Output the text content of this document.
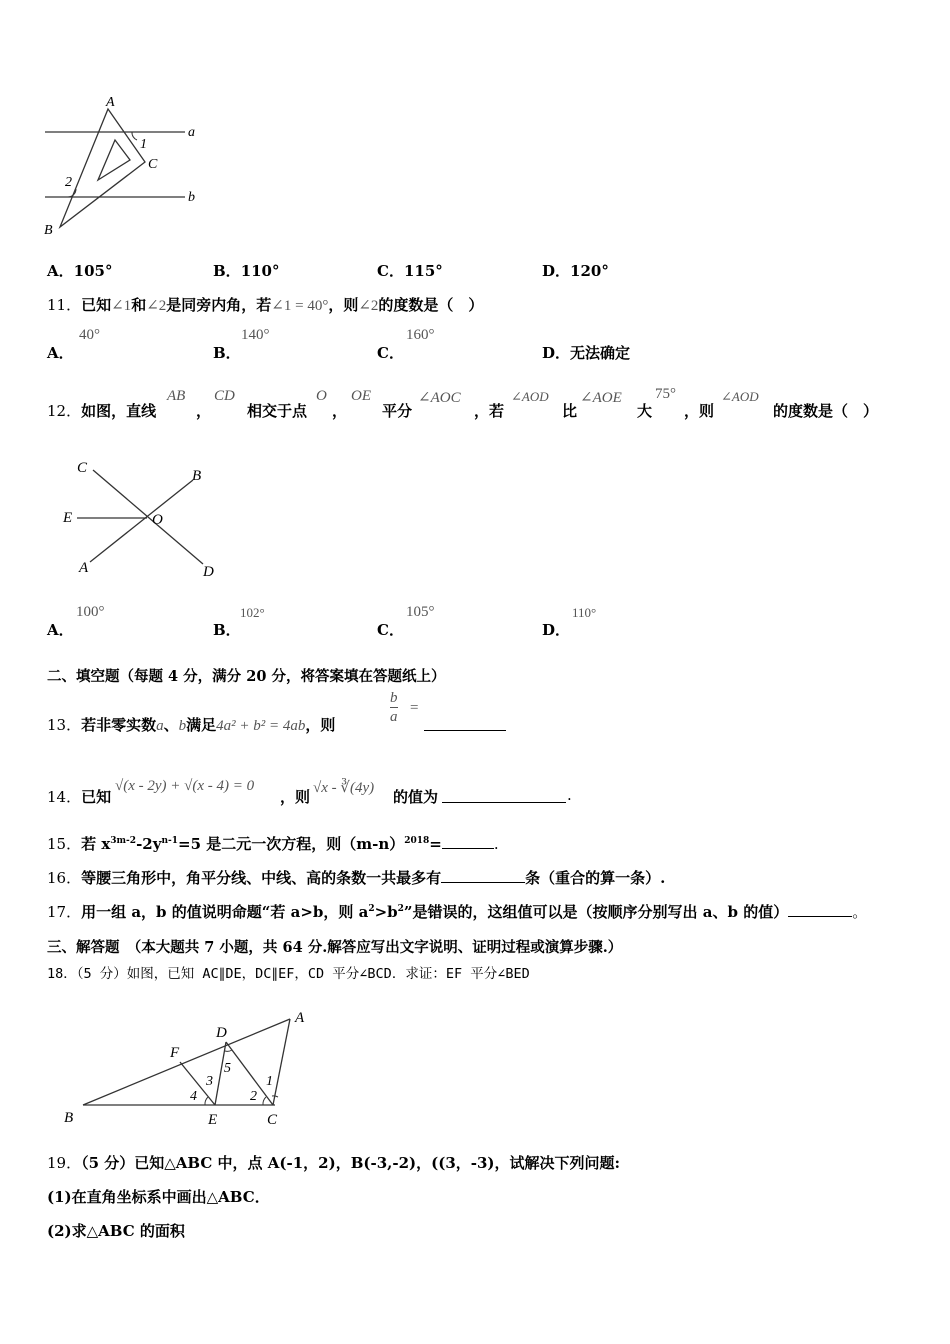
A
a
1
C
2
b
B
A．105°	B．110°	C．115°	D．120°
11．已知∠1和∠2是同旁内角，若∠1 = 40°，则∠2的度数是（　）
A．
40°
B．
140°
C．
160°
D．无法确定
12．如图，直线
AB
，
CD
相交于点
O
，
OE
平分
∠AOC
，若
∠AOD
比
∠AOE
大
75°
，则
∠AOD
的度数是（　）
C	B
E	O
A	D
A．
100°
B．
102°
C．
105°
D．
110°
二、填空题（每题 4 分，满分 20 分，将答案填在答题纸上）
13．若非零实数a、b满足4a² + b² = 4ab，则	$\frac{b}{a}$ =
14．已知
√(x - 2y) + √(x - 4) = 0
，则 √x - ∛(4y) 的值为	.
15．若 $x^{3m-2}-2y^{n-1}=5$ 是二元一次方程，则$(m-n)^{2018}=$	.
16．等腰三角形中，角平分线、中线、高的条数一共最多有	条（重合的算一条）.
17．用一组 a，b 的值说明命题“若 a>b，则 $a^2>b^2$”是错误的，这组值可以是（按顺序分别写出 a、b 的值）	。
三、解答题　（本大题共 7 小题，共 64 分.解答应写出文字说明、证明过程或演算步骤.）
18．（5 分）如图，已知 AC∥DE，DC∥EF，CD 平分∠BCD．求证：EF 平分∠BED
A
D
F
5
3	1
4	2
B	E	C
19．（5 分）已知△ABC 中，点 A(-1，2)，B(-3,-2)，((3，-3)，试解决下列问题:
(1)在直角坐标系中画出△ABC．
(2)求△ABC 的面积
